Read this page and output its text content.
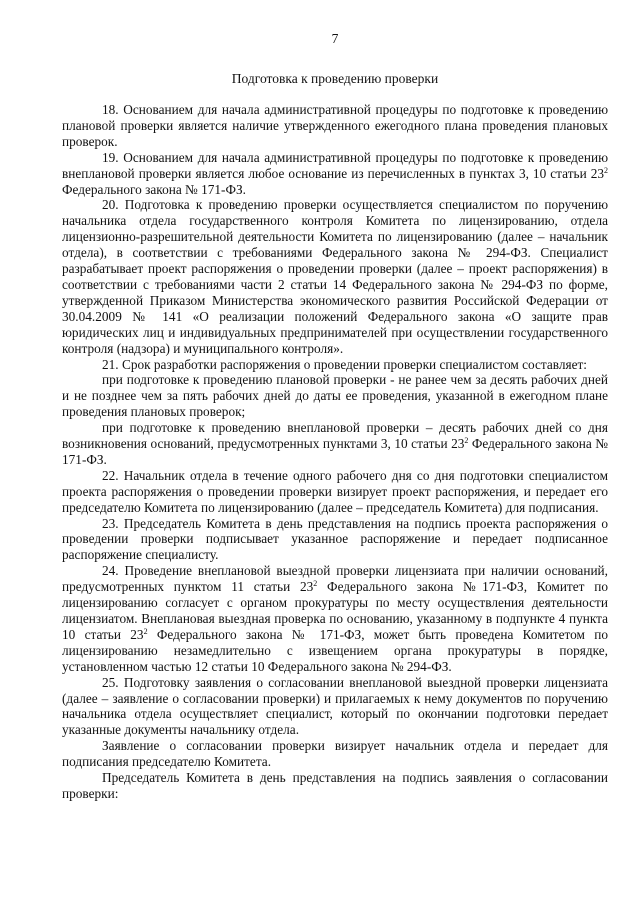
7
Подготовка к проведению проверки

18. Основанием для начала административной процедуры по подготовке к проведению плановой проверки является наличие утвержденного ежегодного плана проведения плановых проверок.

19. Основанием для начала административной процедуры по подготовке к проведению внеплановой проверки является любое основание из перечисленных в пунктах 3, 10 статьи $23^2$ Федерального закона № 171-ФЗ.

20. Подготовка к проведению проверки осуществляется специалистом по поручению начальника отдела государственного контроля Комитета по лицензированию, отдела лицензионно-разрешительной деятельности Комитета по лицензированию (далее – начальник отдела), в соответствии с требованиями Федерального закона № 294-ФЗ. Специалист разрабатывает проект распоряжения о проведении проверки (далее – проект распоряжения) в соответствии с требованиями части 2 статьи 14 Федерального закона № 294-ФЗ по форме, утвержденной Приказом Министерства экономического развития Российской Федерации от 30.04.2009 № 141 «О реализации положений Федерального закона «О защите прав юридических лиц и индивидуальных предпринимателей при осуществлении государственного контроля (надзора) и муниципального контроля».

21. Срок разработки распоряжения о проведении проверки специалистом составляет:

при подготовке к проведению плановой проверки - не ранее чем за десять рабочих дней и не позднее чем за пять рабочих дней до даты ее проведения, указанной в ежегодном плане проведения плановых проверок;

при подготовке к проведению внеплановой проверки – десять рабочих дней со дня возникновения оснований, предусмотренных пунктами 3, 10 статьи $23^2$ Федерального закона № 171-ФЗ.

22. Начальник отдела в течение одного рабочего дня со дня подготовки специалистом проекта распоряжения о проведении проверки визирует проект распоряжения, и передает его председателю Комитета по лицензированию (далее – председатель Комитета) для подписания.

23. Председатель Комитета в день представления на подпись проекта распоряжения о проведении проверки подписывает указанное распоряжение и передает подписанное распоряжение специалисту.

24. Проведение внеплановой выездной проверки лицензиата при наличии оснований, предусмотренных пунктом 11 статьи $23^2$ Федерального закона №171-ФЗ, Комитет по лицензированию согласует с органом прокуратуры по месту осуществления деятельности лицензиатом. Внеплановая выездная проверка по основанию, указанному в подпункте 4 пункта 10 статьи $23^2$ Федерального закона № 171-ФЗ, может быть проведена Комитетом по лицензированию незамедлительно с извещением органа прокуратуры в порядке, установленном частью 12 статьи 10 Федерального закона № 294-ФЗ.

25. Подготовку заявления о согласовании внеплановой выездной проверки лицензиата (далее – заявление о согласовании проверки) и прилагаемых к нему документов по поручению начальника отдела осуществляет специалист, который по окончании подготовки передает указанные документы начальнику отдела.

Заявление о согласовании проверки визирует начальник отдела и передает для подписания председателю Комитета.

Председатель Комитета в день представления на подпись заявления о согласовании проверки:
